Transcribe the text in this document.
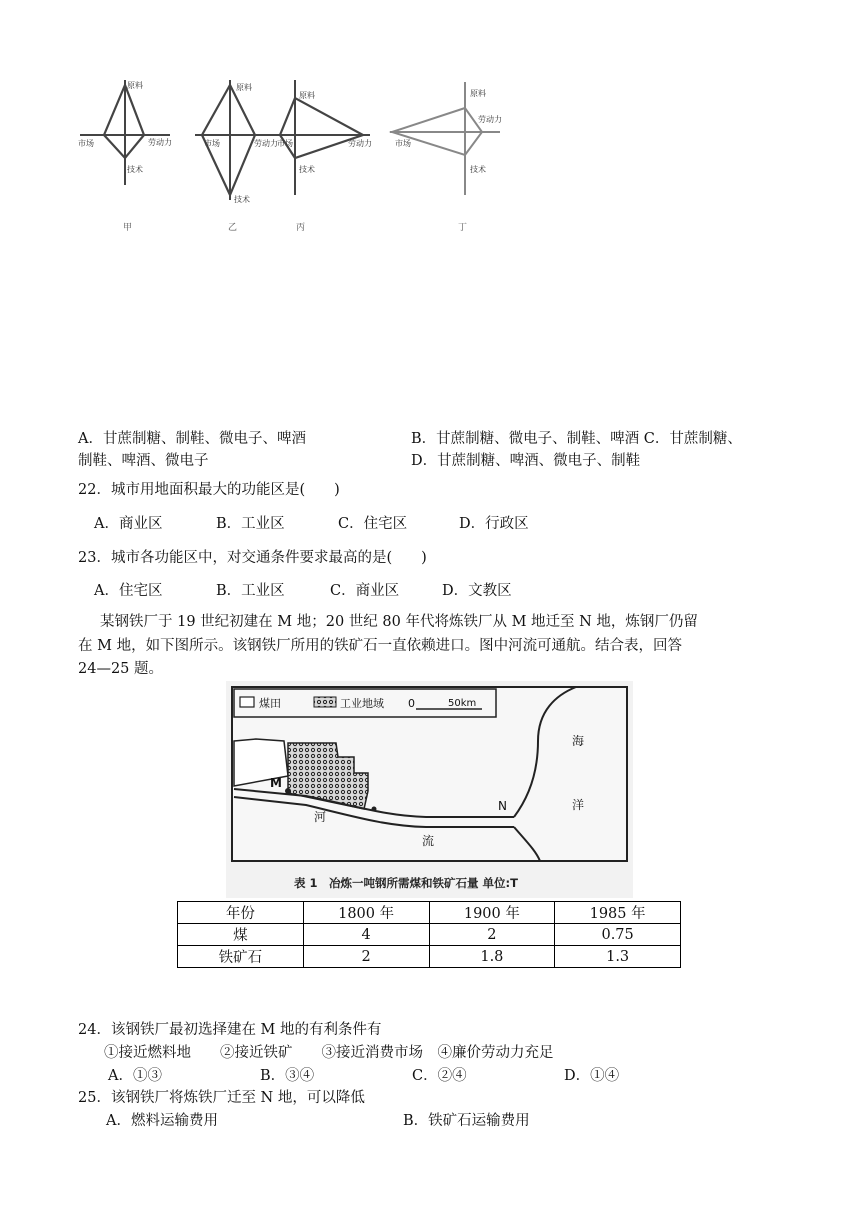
原料
市场	劳动力
技术
原料
市场	劳动力
技术
原料
市场	劳动力
技术
原料
市场
劳动力
技术
甲	乙	丙	丁
A．甘蔗制糖、制鞋、微电子、啤酒	B．甘蔗制糖、微电子、制鞋、啤酒 C．甘蔗制糖、
制鞋、啤酒、微电子	D．甘蔗制糖、啤酒、微电子、制鞋
22．城市用地面积最大的功能区是(　　)
A．商业区	B．工业区	C．住宅区	D．行政区
23．城市各功能区中，对交通条件要求最高的是(　　)
A．住宅区	B．工业区	C．商业区	D．文教区
某钢铁厂于 19 世纪初建在 M 地；20 世纪 80 年代将炼铁厂从 M 地迁至 N 地，炼钢厂仍留
在 M 地，如下图所示。该钢铁厂所用的铁矿石一直依赖进口。图中河流可通航。结合表，回答
24—25 题。
煤田	工业地域 0	50km
M
N
河
流
海
洋
表 1　冶炼一吨钢所需煤和铁矿石量 单位:T
年份	1800 年	1900 年	1985 年
煤	4	2	0.75
铁矿石	2	1.8	1.3
24．该钢铁厂最初选择建在 M 地的有利条件有
①接近燃料地　　②接近铁矿　　③接近消费市场　④廉价劳动力充足
A．①③	B．③④	C．②④	D．①④
25．该钢铁厂将炼铁厂迁至 N 地，可以降低
A．燃料运输费用	B．铁矿石运输费用
